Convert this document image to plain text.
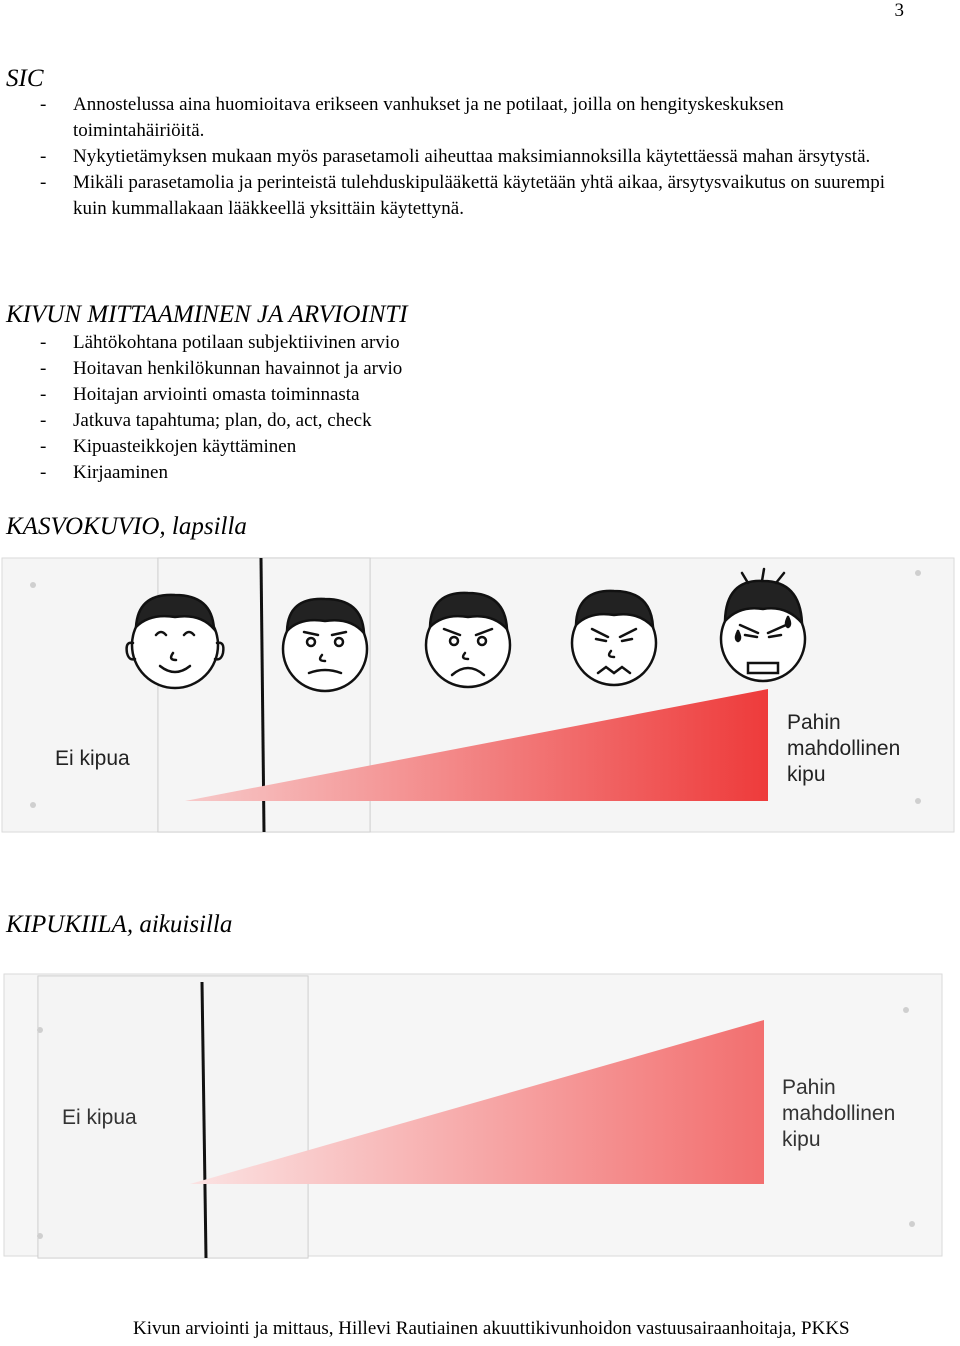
3
SIC
- Annostelussa aina huomioitava erikseen vanhukset ja ne potilaat, joilla on hengityskeskuksen toimintahäiriöitä.
- Nykytietämyksen mukaan myös parasetamoli aiheuttaa maksimiannoksilla käytettäessä mahan ärsytystä.
- Mikäli parasetamolia ja perinteistä tulehduskipulääkettä käytetään yhtä aikaa, ärsytysvaikutus on suurempi kuin kummallakaan lääkkeellä yksittäin käytettynä.
KIVUN MITTAAMINEN JA ARVIOINTI
- Lähtökohtana potilaan subjektiivinen arvio
- Hoitavan henkilökunnan havainnot ja arvio
- Hoitajan arviointi omasta toiminnasta
- Jatkuva tapahtuma; plan, do, act, check
- Kipuasteikkojen käyttäminen
- Kirjaaminen
KASVOKUVIO, lapsilla
Ei kipua
Pahin
mahdollinen
kipu
KIPUKIILA, aikuisilla
Ei kipua
Pahin
mahdollinen
kipu
Kivun arviointi ja mittaus, Hillevi Rautiainen akuuttikivunhoidon vastuusairaanhoitaja, PKKS
